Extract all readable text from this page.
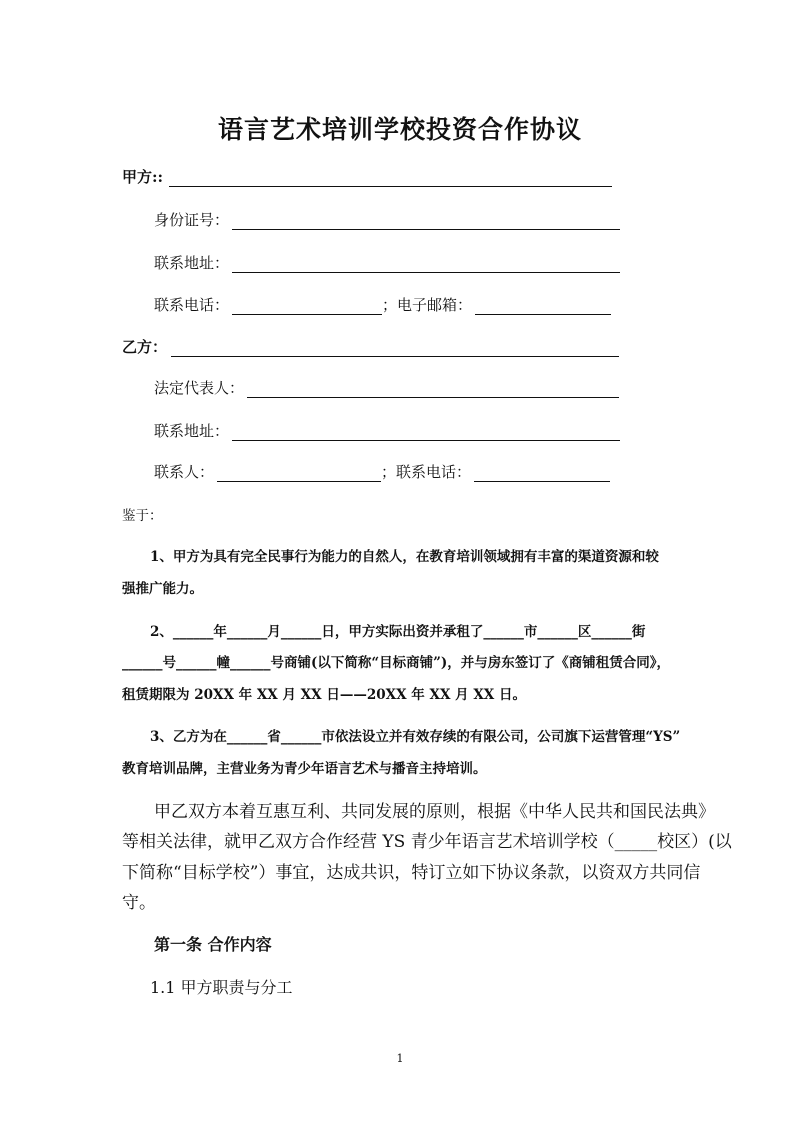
语言艺术培训学校投资合作协议
甲方::
身份证号：
联系地址：
联系电话：	；电子邮箱：
乙方：
法定代表人：
联系地址：
联系人：	；联系电话：
鉴于：
1、甲方为具有完全民事行为能力的自然人，在教育培训领域拥有丰富的渠道资源和较
强推广能力。
2、______年______月______日，甲方实际出资并承租了______市______区______街
______号______幢______号商铺(以下简称“目标商铺”)，并与房东签订了《商铺租赁合同》，
租赁期限为 20XX 年 XX 月 XX 日——20XX 年 XX 月 XX 日。
3、乙方为在______省______市依法设立并有效存续的有限公司，公司旗下运营管理“YS”
教育培训品牌，主营业务为青少年语言艺术与播音主持培训。
甲乙双方本着互惠互利、共同发展的原则，根据《中华人民共和国民法典》
等相关法律，就甲乙双方合作经营 YS 青少年语言艺术培训学校（_____校区）(以
下简称“目标学校”）事宜，达成共识，特订立如下协议条款，以资双方共同信
守。
第一条 合作内容
1.1 甲方职责与分工
1
